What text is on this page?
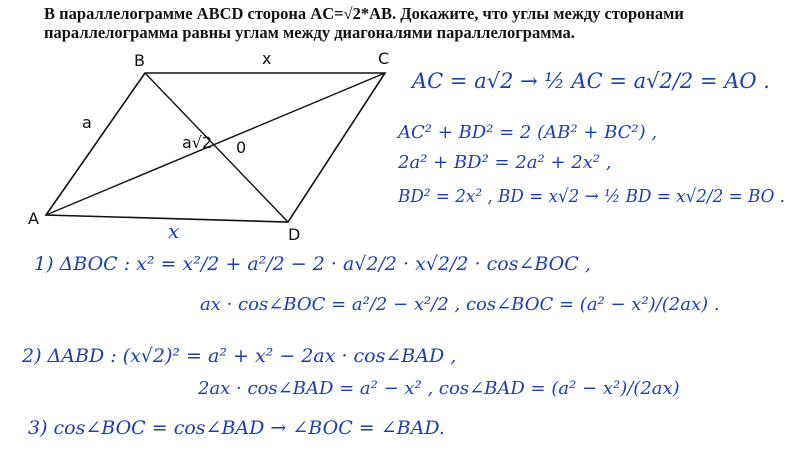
В параллелограмме ABCD сторона AC=√2*AB. Докажите, что углы между сторонами
параллелограмма равны углам между диагоналями параллелограмма.

B	C
A
D
0
a
x
x
a√2
AC = a√2 → ½ AC = a√2/2 = AO .
AC² + BD² = 2 (AB² + BC²) ,
2a² + BD² = 2a² + 2x² ,
BD² = 2x² , BD = x√2 → ½ BD = x√2/2 = BO .
1) ΔBOC : x² = x²/2 + a²/2 − 2 · a√2/2 · x√2/2 · cos∠BOC ,
ax · cos∠BOC = a²/2 − x²/2 , cos∠BOC = (a² − x²)/(2ax) .
2) ΔABD : (x√2)² = a² + x² − 2ax · cos∠BAD ,
2ax · cos∠BAD = a² − x² , cos∠BAD = (a² − x²)/(2ax)
3) cos∠BOC = cos∠BAD → ∠BOC = ∠BAD.
